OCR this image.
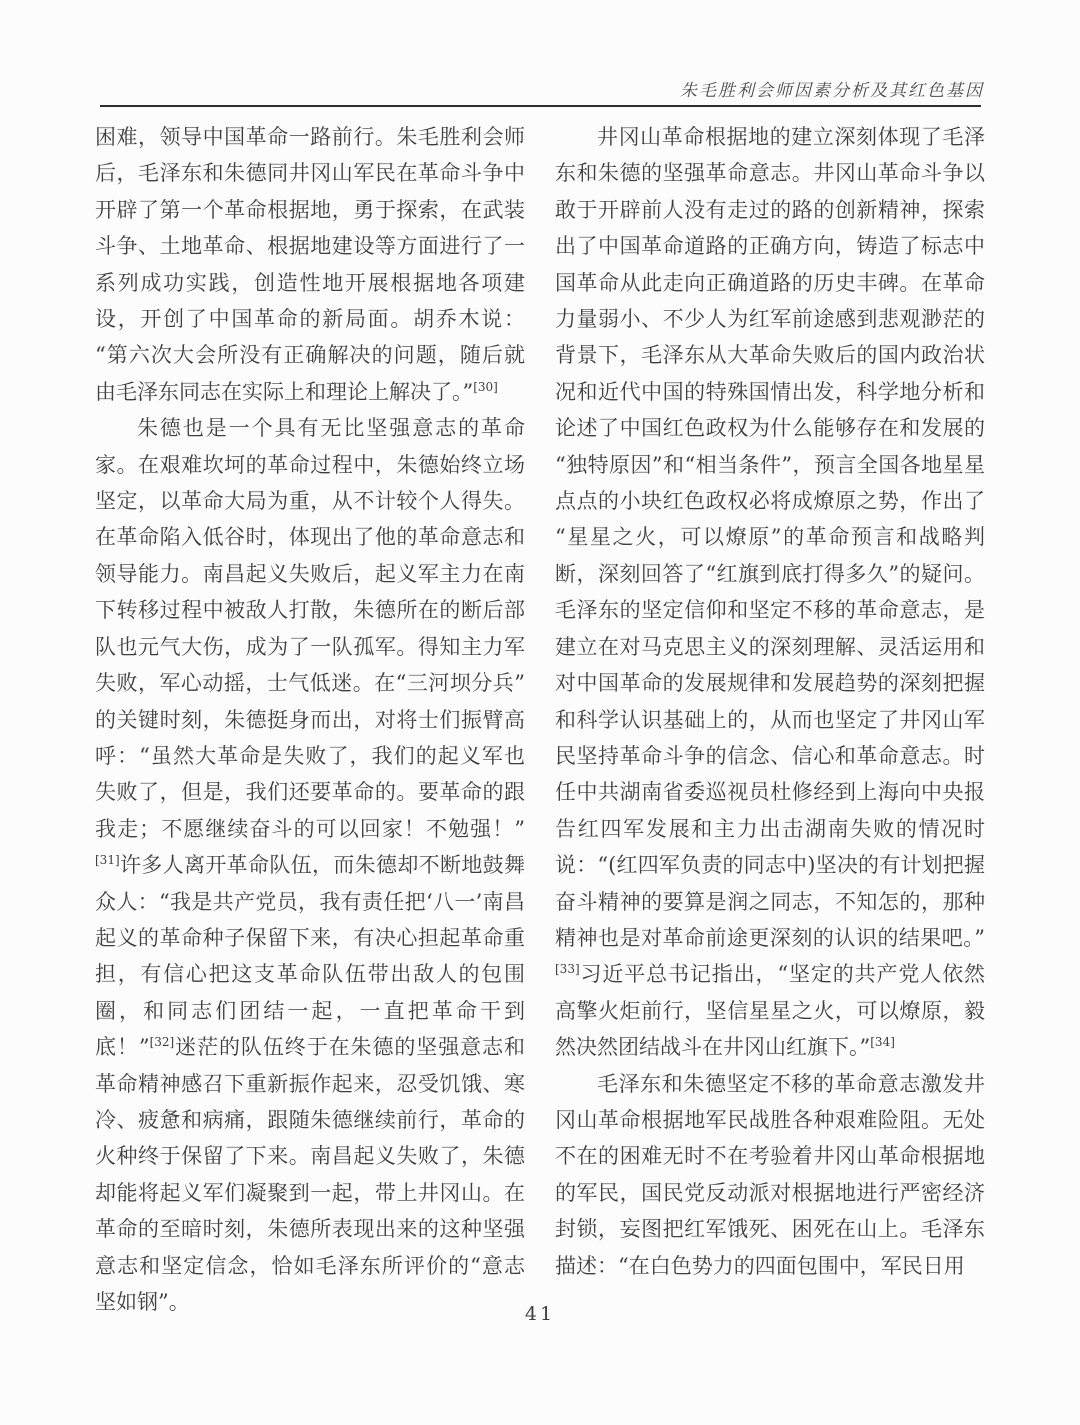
朱毛胜利会师因素分析及其红色基因

困难，领导中国革命一路前行。朱毛胜利会师后，毛泽东和朱德同井冈山军民在革命斗争中开辟了第一个革命根据地，勇于探索，在武装斗争、土地革命、根据地建设等方面进行了一系列成功实践，创造性地开展根据地各项建设，开创了中国革命的新局面。胡乔木说：“第六次大会所没有正确解决的问题，随后就由毛泽东同志在实际上和理论上解决了。”[30]

朱德也是一个具有无比坚强意志的革命家。在艰难坎坷的革命过程中，朱德始终立场坚定，以革命大局为重，从不计较个人得失。在革命陷入低谷时，体现出了他的革命意志和领导能力。南昌起义失败后，起义军主力在南下转移过程中被敌人打散，朱德所在的断后部队也元气大伤，成为了一队孤军。得知主力军失败，军心动摇，士气低迷。在“三河坝分兵”的关键时刻，朱德挺身而出，对将士们振臂高呼：“虽然大革命是失败了，我们的起义军也失败了，但是，我们还要革命的。要革命的跟我走；不愿继续奋斗的可以回家！不勉强！”[31]许多人离开革命队伍，而朱德却不断地鼓舞众人：“我是共产党员，我有责任把‘八一’南昌起义的革命种子保留下来，有决心担起革命重担，有信心把这支革命队伍带出敌人的包围圈，和同志们团结一起，一直把革命干到底！”[32]迷茫的队伍终于在朱德的坚强意志和革命精神感召下重新振作起来，忍受饥饿、寒冷、疲惫和病痛，跟随朱德继续前行，革命的火种终于保留了下来。南昌起义失败了，朱德却能将起义军们凝聚到一起，带上井冈山。在革命的至暗时刻，朱德所表现出来的这种坚强意志和坚定信念，恰如毛泽东所评价的“意志坚如钢”。

井冈山革命根据地的建立深刻体现了毛泽东和朱德的坚强革命意志。井冈山革命斗争以敢于开辟前人没有走过的路的创新精神，探索出了中国革命道路的正确方向，铸造了标志中国革命从此走向正确道路的历史丰碑。在革命力量弱小、不少人为红军前途感到悲观渺茫的背景下，毛泽东从大革命失败后的国内政治状况和近代中国的特殊国情出发，科学地分析和论述了中国红色政权为什么能够存在和发展的“独特原因”和“相当条件”，预言全国各地星星点点的小块红色政权必将成燎原之势，作出了“星星之火，可以燎原”的革命预言和战略判断，深刻回答了“红旗到底打得多久”的疑问。毛泽东的坚定信仰和坚定不移的革命意志，是建立在对马克思主义的深刻理解、灵活运用和对中国革命的发展规律和发展趋势的深刻把握和科学认识基础上的，从而也坚定了井冈山军民坚持革命斗争的信念、信心和革命意志。时任中共湖南省委巡视员杜修经到上海向中央报告红四军发展和主力出击湖南失败的情况时说：“(红四军负责的同志中)坚决的有计划把握奋斗精神的要算是润之同志，不知怎的，那种精神也是对革命前途更深刻的认识的结果吧。”[33]习近平总书记指出，“坚定的共产党人依然高擎火炬前行，坚信星星之火，可以燎原，毅然决然团结战斗在井冈山红旗下。”[34]

毛泽东和朱德坚定不移的革命意志激发井冈山革命根据地军民战胜各种艰难险阻。无处不在的困难无时不在考验着井冈山革命根据地的军民，国民党反动派对根据地进行严密经济封锁，妄图把红军饿死、困死在山上。毛泽东描述：“在白色势力的四面包围中，军民日用

41
